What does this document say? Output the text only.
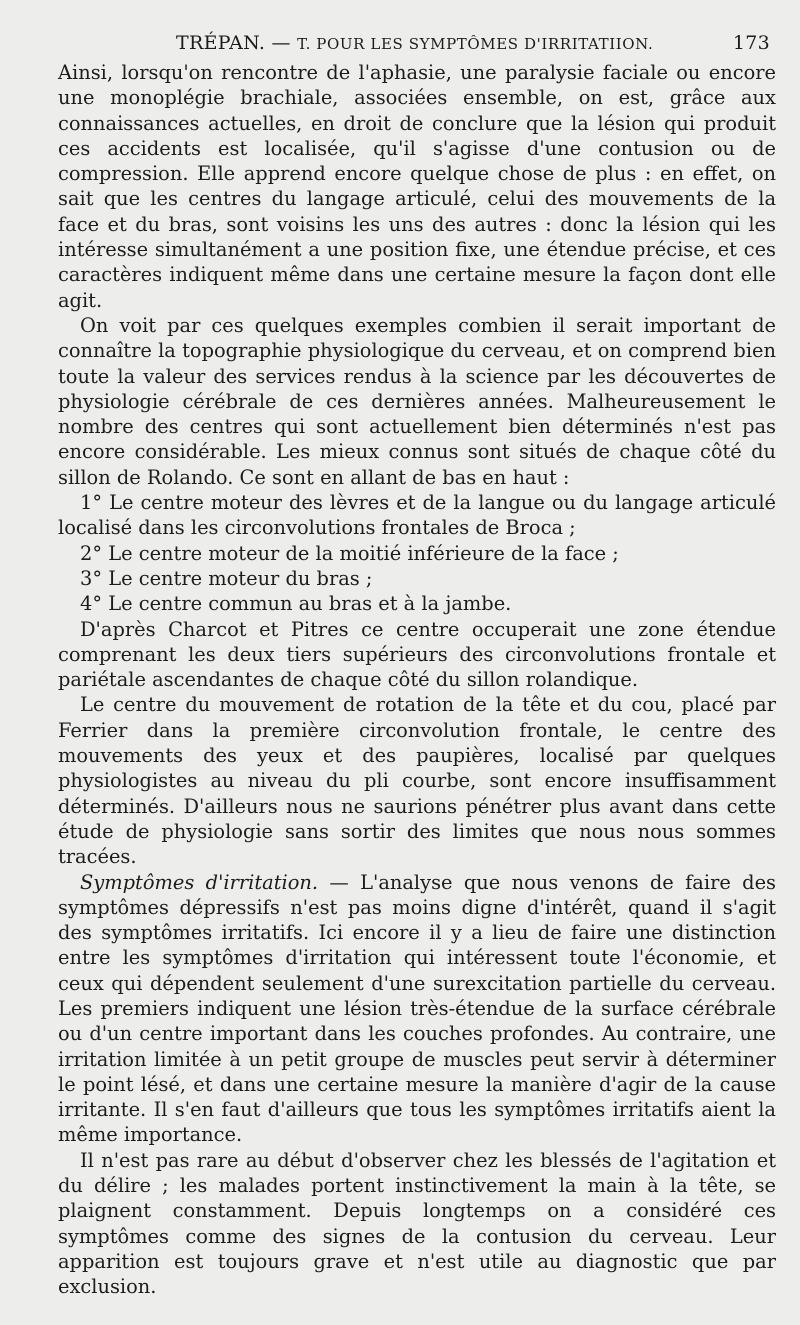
TRÉPAN. — T. POUR LES SYMPTÔMES D'IRRITATIION.	173

Ainsi, lorsqu'on rencontre de l'aphasie, une paralysie faciale ou encore une monoplégie brachiale, associées ensemble, on est, grâce aux connaissances actuelles, en droit de conclure que la lésion qui produit ces accidents est localisée, qu'il s'agisse d'une contusion ou de compression. Elle apprend encore quelque chose de plus : en effet, on sait que les centres du langage articulé, celui des mouvements de la face et du bras, sont voisins les uns des autres : donc la lésion qui les intéresse simultanément a une position fixe, une étendue précise, et ces caractères indiquent même dans une certaine mesure la façon dont elle agit.

On voit par ces quelques exemples combien il serait important de connaître la topographie physiologique du cerveau, et on comprend bien toute la valeur des services rendus à la science par les découvertes de physiologie cérébrale de ces dernières années. Malheureusement le nombre des centres qui sont actuellement bien déterminés n'est pas encore considérable. Les mieux connus sont situés de chaque côté du sillon de Rolando. Ce sont en allant de bas en haut :

1° Le centre moteur des lèvres et de la langue ou du langage articulé localisé dans les circonvolutions frontales de Broca ;

2° Le centre moteur de la moitié inférieure de la face ;

3° Le centre moteur du bras ;

4° Le centre commun au bras et à la jambe.

D'après Charcot et Pitres ce centre occuperait une zone étendue comprenant les deux tiers supérieurs des circonvolutions frontale et pariétale ascendantes de chaque côté du sillon rolandique.

Le centre du mouvement de rotation de la tête et du cou, placé par Ferrier dans la première circonvolution frontale, le centre des mouvements des yeux et des paupières, localisé par quelques physiologistes au niveau du pli courbe, sont encore insuffisamment déterminés. D'ailleurs nous ne saurions pénétrer plus avant dans cette étude de physiologie sans sortir des limites que nous nous sommes tracées.

Symptômes d'irritation. — L'analyse que nous venons de faire des symptômes dépressifs n'est pas moins digne d'intérêt, quand il s'agit des symptômes irritatifs. Ici encore il y a lieu de faire une distinction entre les symptômes d'irritation qui intéressent toute l'économie, et ceux qui dépendent seulement d'une surexcitation partielle du cerveau. Les premiers indiquent une lésion très-étendue de la surface cérébrale ou d'un centre important dans les couches profondes. Au contraire, une irritation limitée à un petit groupe de muscles peut servir à déterminer le point lésé, et dans une certaine mesure la manière d'agir de la cause irritante. Il s'en faut d'ailleurs que tous les symptômes irritatifs aient la même importance.

Il n'est pas rare au début d'observer chez les blessés de l'agitation et du délire ; les malades portent instinctivement la main à la tête, se plaignent constamment. Depuis longtemps on a considéré ces symptômes comme des signes de la contusion du cerveau. Leur apparition est toujours grave et n'est utile au diagnostic que par exclusion.
